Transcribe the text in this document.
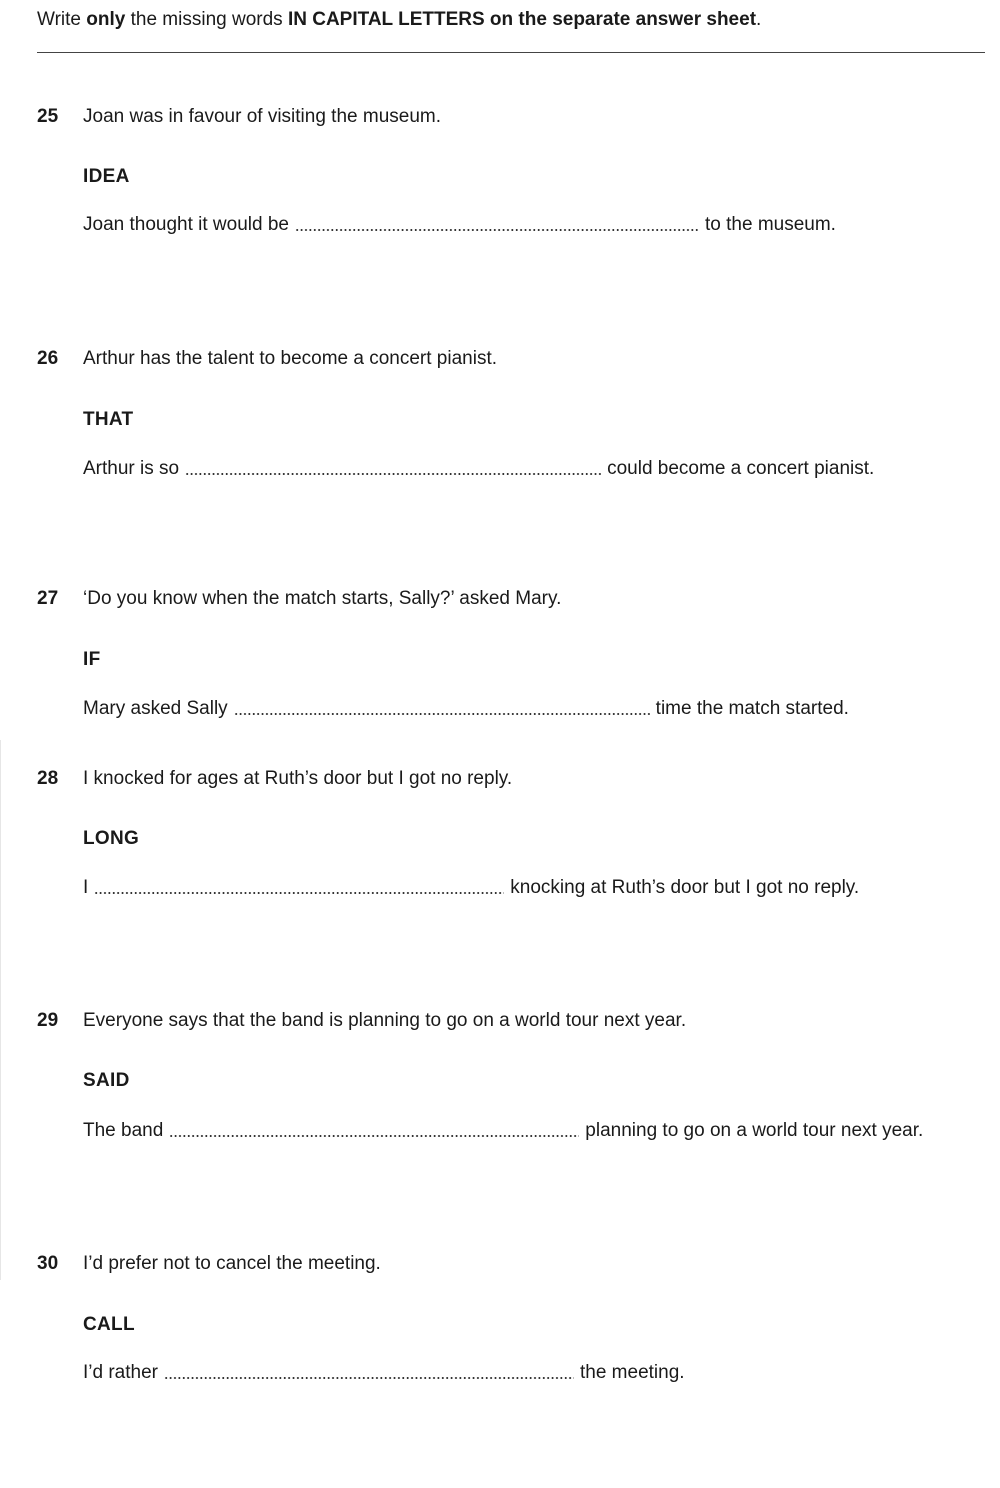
Write only the missing words IN CAPITAL LETTERS on the separate answer sheet.
25 Joan was in favour of visiting the museum.
IDEA
Joan thought it would be	to the museum.
26 Arthur has the talent to become a concert pianist.
THAT
Arthur is so	could become a concert pianist.
27 ‘Do you know when the match starts, Sally?’ asked Mary.
IF
Mary asked Sally	time the match started.
28 I knocked for ages at Ruth’s door but I got no reply.
LONG
I	knocking at Ruth’s door but I got no reply.
29 Everyone says that the band is planning to go on a world tour next year.
SAID
The band	planning to go on a world tour next year.
30 I’d prefer not to cancel the meeting.
CALL
I’d rather	the meeting.
